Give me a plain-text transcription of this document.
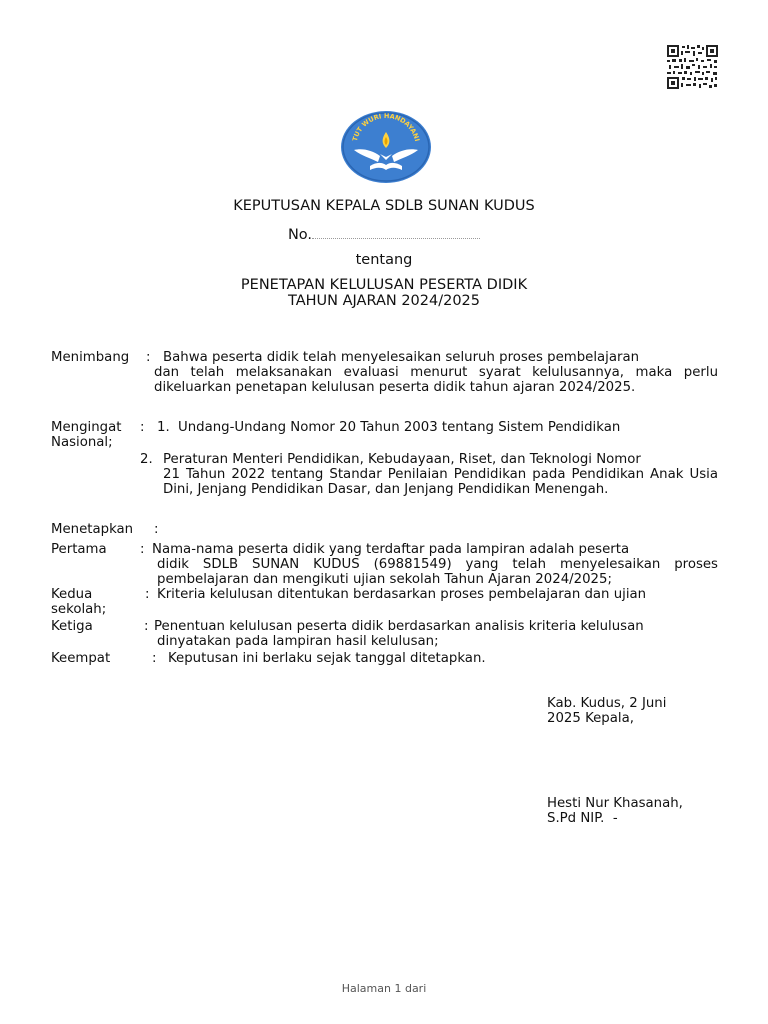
TUT WURI HANDAYANI
KEPUTUSAN KEPALA SDLB SUNAN KUDUS
No.
tentang
PENETAPAN KELULUSAN PESERTA DIDIK
TAHUN AJARAN 2024/2025
Menimbang : Bahwa peserta didik telah menyelesaikan seluruh proses pembelajaran
dan telah melaksanakan evaluasi menurut syarat kelulusannya, maka perlu dikeluarkan penetapan kelulusan peserta didik tahun ajaran 2024/2025.
Mengingat : 1. Undang-Undang Nomor 20 Tahun 2003 tentang Sistem Pendidikan
Nasional;
2. Peraturan Menteri Pendidikan, Kebudayaan, Riset, dan Teknologi Nomor
21 Tahun 2022 tentang Standar Penilaian Pendidikan pada Pendidikan Anak Usia Dini, Jenjang Pendidikan Dasar, dan Jenjang Pendidikan Menengah.
Menetapkan :
Pertama	: Nama-nama peserta didik yang terdaftar pada lampiran adalah peserta
didik SDLB SUNAN KUDUS (69881549) yang telah menyelesaikan proses pembelajaran dan mengikuti ujian sekolah Tahun Ajaran 2024/2025;
Kedua	: Kriteria kelulusan ditentukan berdasarkan proses pembelajaran dan ujian
sekolah;
Ketiga	: Penentuan kelulusan peserta didik berdasarkan analisis kriteria kelulusan
dinyatakan pada lampiran hasil kelulusan;
Keempat	: Keputusan ini berlaku sejak tanggal ditetapkan.
Kab. Kudus, 2 Juni
2025 Kepala,
Hesti Nur Khasanah,
S.Pd NIP.  -
Halaman 1 dari
